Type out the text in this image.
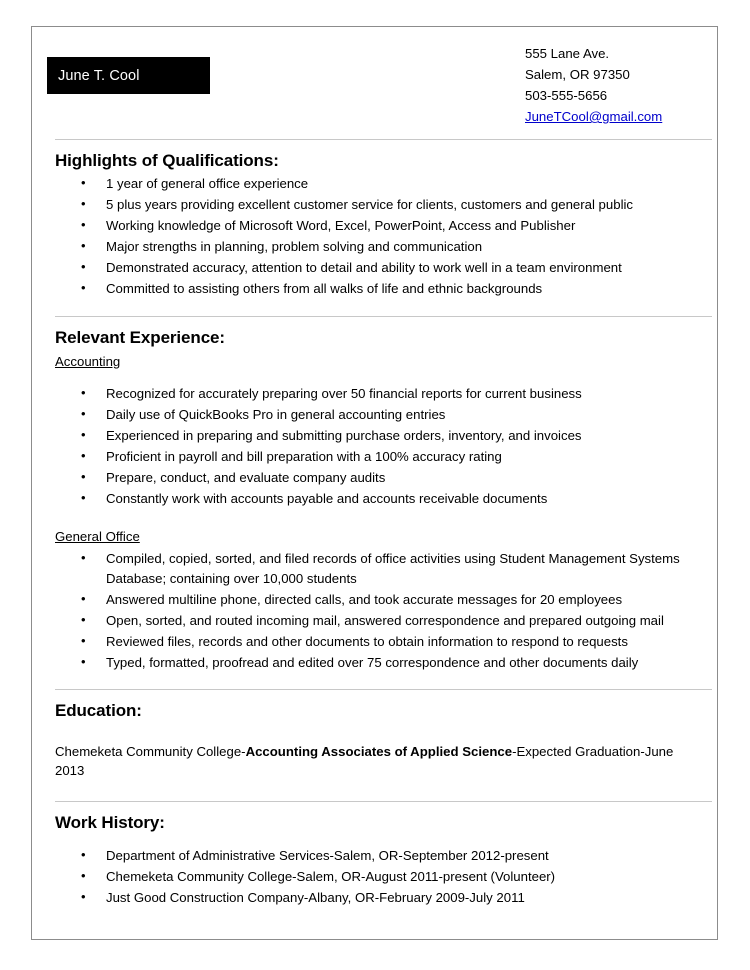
June T. Cool
555 Lane Ave.
Salem, OR 97350
503-555-5656
JuneTCool@gmail.com
Highlights of Qualifications:
• 1 year of general office experience
• 5 plus years providing excellent customer service for clients, customers and general public
• Working knowledge of Microsoft Word, Excel, PowerPoint, Access and Publisher
• Major strengths in planning, problem solving and communication
• Demonstrated accuracy, attention to detail and ability to work well in a team environment
• Committed to assisting others from all walks of life and ethnic backgrounds
Relevant Experience:
Accounting
• Recognized for accurately preparing over 50 financial reports for current business
• Daily use of QuickBooks Pro in general accounting entries
• Experienced in preparing and submitting purchase orders, inventory, and invoices
• Proficient in payroll and bill preparation with a 100% accuracy rating
• Prepare, conduct, and evaluate company audits
• Constantly work with accounts payable and accounts receivable documents
General Office
• Compiled, copied, sorted, and filed records of office activities using Student Management Systems Database; containing over 10,000 students
• Answered multiline phone, directed calls, and took accurate messages for 20 employees
• Open, sorted, and routed incoming mail, answered correspondence and prepared outgoing mail
• Reviewed files, records and other documents to obtain information to respond to requests
• Typed, formatted, proofread and edited over 75 correspondence and other documents daily
Education:
Chemeketa Community College-Accounting Associates of Applied Science-Expected Graduation-June 2013
Work History:
• Department of Administrative Services-Salem, OR-September 2012-present
• Chemeketa Community College-Salem, OR-August 2011-present (Volunteer)
• Just Good Construction Company-Albany, OR-February 2009-July 2011
